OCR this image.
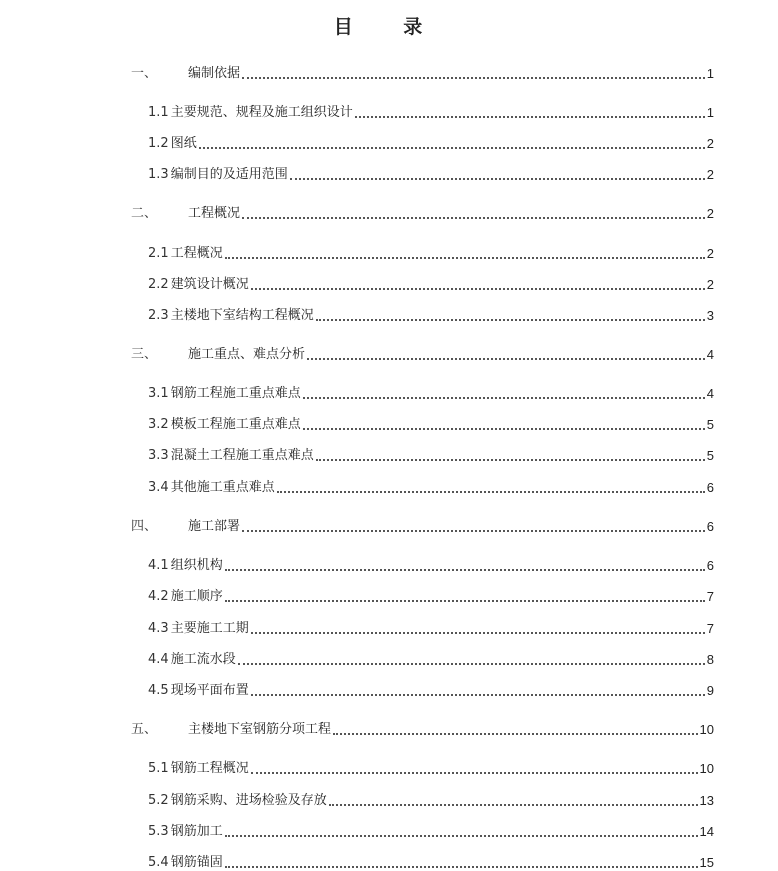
目 录
一、	编制依据	1
1.1 主要规范、规程及施工组织设计	1
1.2 图纸	2
1.3 编制目的及适用范围	2
二、	工程概况	2
2.1 工程概况	2
2.2 建筑设计概况	2
2.3 主楼地下室结构工程概况	3
三、	施工重点、难点分析	4
3.1 钢筋工程施工重点难点	4
3.2 模板工程施工重点难点	5
3.3 混凝土工程施工重点难点	5
3.4 其他施工重点难点	6
四、	施工部署	6
4.1 组织机构	6
4.2 施工顺序	7
4.3 主要施工工期	7
4.4 施工流水段	8
4.5 现场平面布置	9
五、	主楼地下室钢筋分项工程	10
5.1 钢筋工程概况	10
5.2 钢筋采购、进场检验及存放	13
5.3 钢筋加工	14
5.4 钢筋锚固	15
